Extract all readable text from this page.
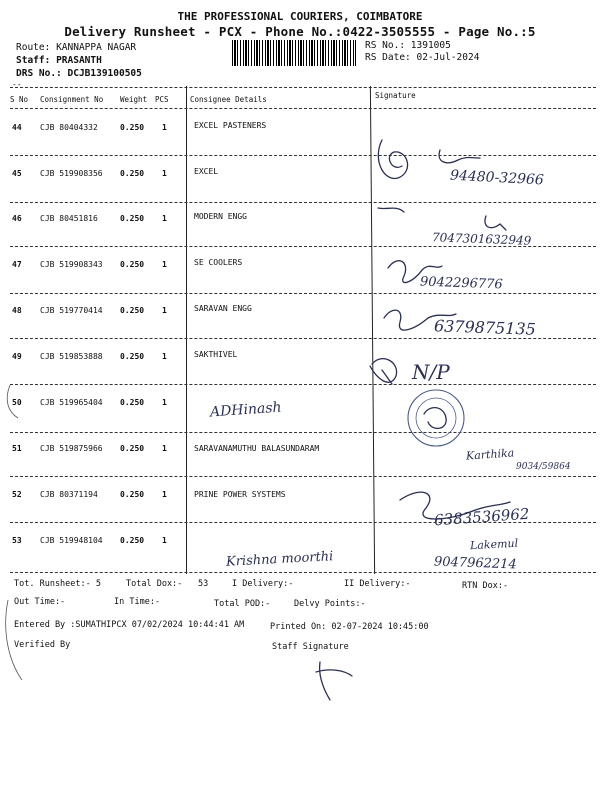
THE PROFESSIONAL COURIERS, COIMBATORE
Delivery Runsheet - PCX - Phone No.:0422-3505555 - Page No.:5
Route: KANNAPPA NAGAR
Staff: PRASANTH
DRS No.: DCJB139100505
RS No.: 1391005
RS Date: 02-Jul-2024
--
S No Consignment No Weight PCS	Consignee Details	Signature
44 CJB 80404332	0.250 1	EXCEL PASTENERS
45 CJB 519908356 0.250 1	EXCEL
46 CJB 80451816	0.250 1	MODERN ENGG
47 CJB 519908343 0.250 1	SE COOLERS
48 CJB 519770414 0.250 1	SARAVAN ENGG
49 CJB 519853888 0.250 1	SAKTHIVEL
50 CJB 519965404 0.250 1
51 CJB 519875966 0.250 1	SARAVANAMUTHU BALASUNDARAM
52 CJB 80371194	0.250 1	PRINE POWER SYSTEMS
53 CJB 519948104 0.250 1
94480-32966
7047301632949
9042296776
6379875135
N/P
ADHinash
Karthika
9034/59864
6383536962
Lakemul
9047962214
Krishna moorthi
Tot. Runsheet:- 5	Total Dox:- 53	I Delivery:-	II Delivery:-	RTN Dox:-
Out Time:-	In Time:-	Total POD:-	Delvy Points:-
Entered By :SUMATHIPCX 07/02/2024 10:44:41 AM	Printed On: 02-07-2024 10:45:00
Verified By	Staff Signature
